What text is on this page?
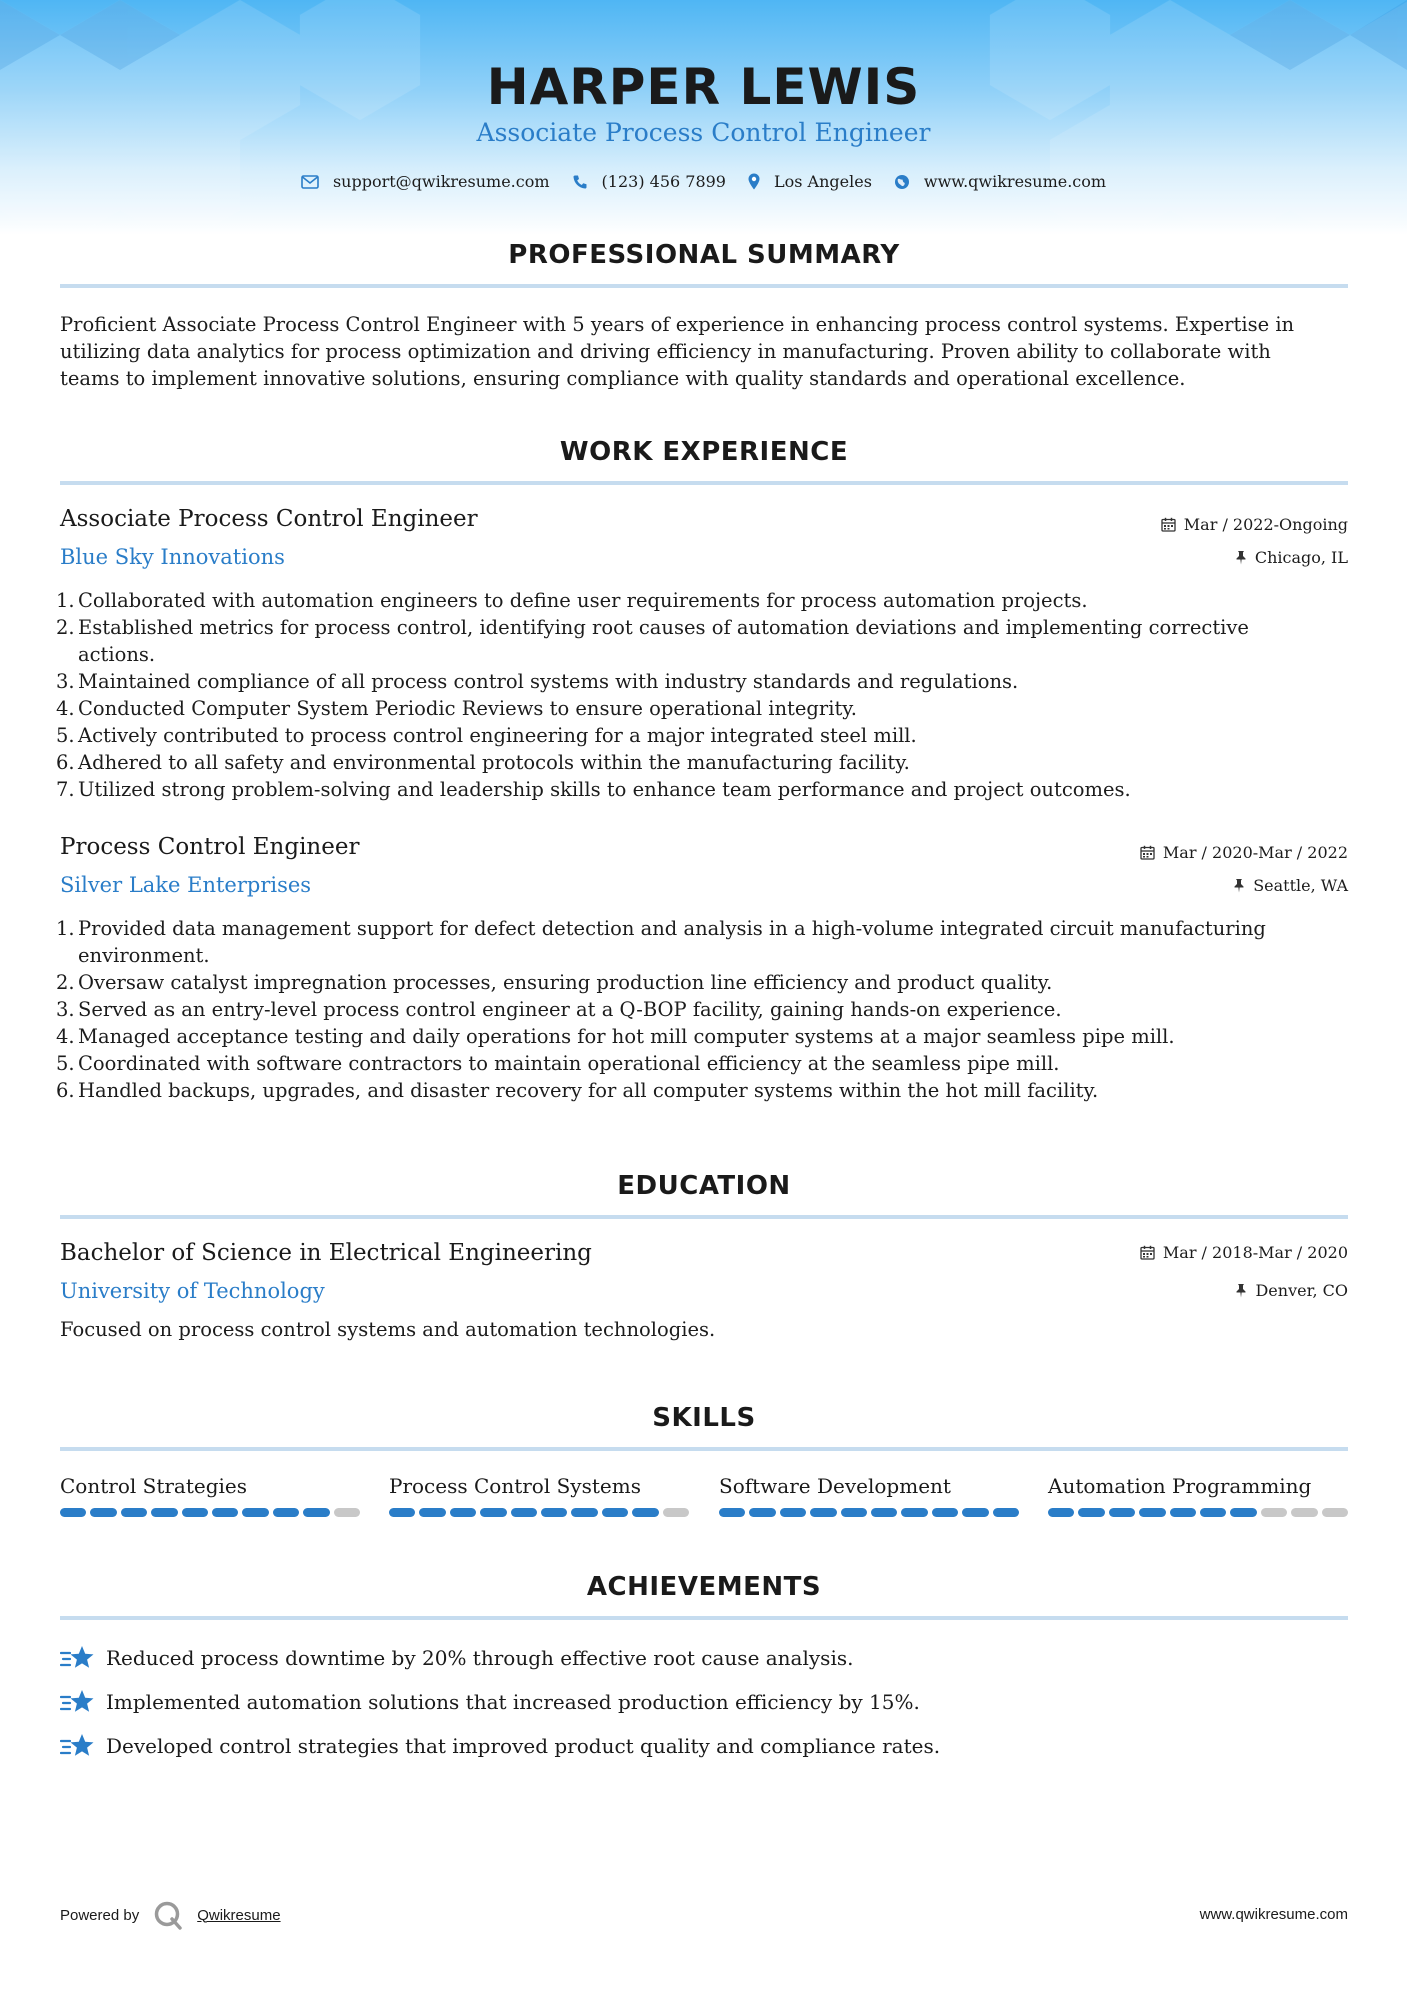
HARPER LEWIS
Associate Process Control Engineer
support@qwikresume.com	(123) 456 7899	Los Angeles	www.qwikresume.com
PROFESSIONAL SUMMARY
Proficient Associate Process Control Engineer with 5 years of experience in enhancing process control systems. Expertise in
utilizing data analytics for process optimization and driving efficiency in manufacturing. Proven ability to collaborate with
teams to implement innovative solutions, ensuring compliance with quality standards and operational excellence.
WORK EXPERIENCE
Associate Process Control Engineer	Mar / 2022-Ongoing
Blue Sky Innovations	Chicago, IL
1. Collaborated with automation engineers to define user requirements for process automation projects.
2. Established metrics for process control, identifying root causes of automation deviations and implementing corrective
actions.
3. Maintained compliance of all process control systems with industry standards and regulations.
4. Conducted Computer System Periodic Reviews to ensure operational integrity.
5. Actively contributed to process control engineering for a major integrated steel mill.
6. Adhered to all safety and environmental protocols within the manufacturing facility.
7. Utilized strong problem-solving and leadership skills to enhance team performance and project outcomes.
Process Control Engineer	Mar / 2020-Mar / 2022
Silver Lake Enterprises	Seattle, WA
1. Provided data management support for defect detection and analysis in a high-volume integrated circuit manufacturing
environment.
2. Oversaw catalyst impregnation processes, ensuring production line efficiency and product quality.
3. Served as an entry-level process control engineer at a Q-BOP facility, gaining hands-on experience.
4. Managed acceptance testing and daily operations for hot mill computer systems at a major seamless pipe mill.
5. Coordinated with software contractors to maintain operational efficiency at the seamless pipe mill.
6. Handled backups, upgrades, and disaster recovery for all computer systems within the hot mill facility.
EDUCATION
Bachelor of Science in Electrical Engineering	Mar / 2018-Mar / 2020
University of Technology	Denver, CO
Focused on process control systems and automation technologies.
SKILLS
Control Strategies	Process Control Systems	Software Development	Automation Programming
ACHIEVEMENTS
Reduced process downtime by 20% through effective root cause analysis.
Implemented automation solutions that increased production efficiency by 15%.
Developed control strategies that improved product quality and compliance rates.
Powered by	Qwikresume	www.qwikresume.com
